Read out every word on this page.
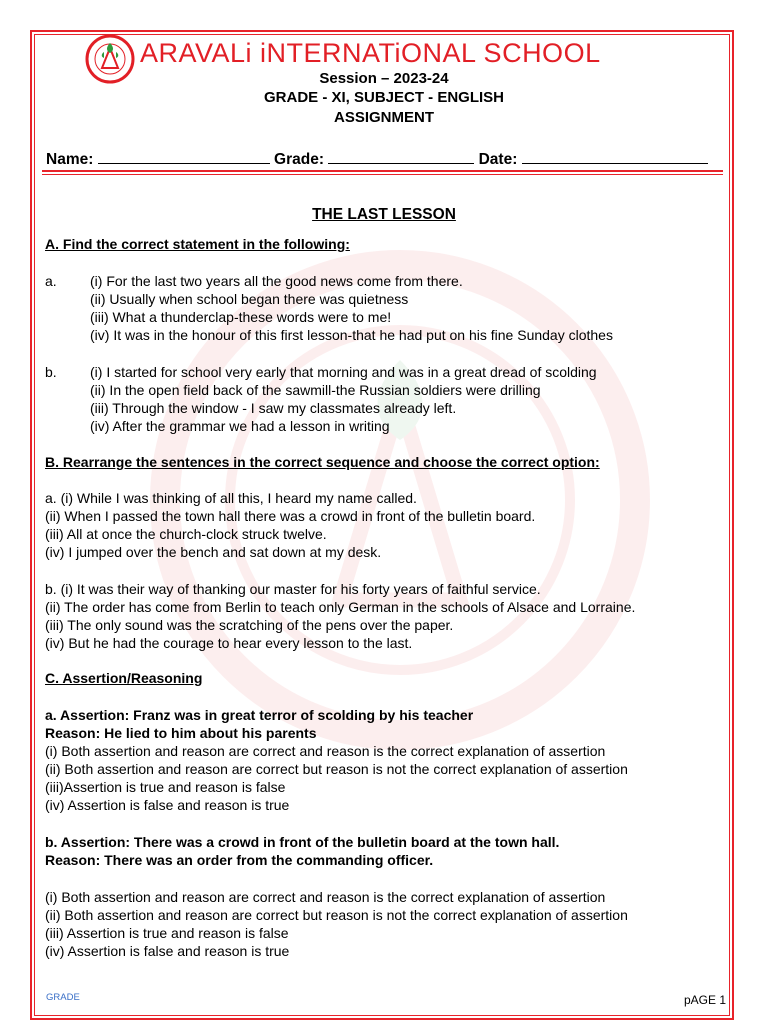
ARAVALi iNTERNATiONAL SCHOOL
Session – 2023-24
GRADE - XI, SUBJECT - ENGLISH
ASSIGNMENT
Name:	Grade:	Date:
THE LAST LESSON
A. Find the correct statement in the following:
a. (i) For the last two years all the good news come from there.
(ii) Usually when school began there was quietness
(iii) What a thunderclap-these words were to me!
(iv) It was in the honour of this first lesson-that he had put on his fine Sunday clothes
b. (i) I started for school very early that morning and was in a great dread of scolding
(ii) In the open field back of the sawmill-the Russian soldiers were drilling
(iii) Through the window - I saw my classmates already left.
(iv) After the grammar we had a lesson in writing
B. Rearrange the sentences in the correct sequence and choose the correct option:
a. (i) While I was thinking of all this, I heard my name called.
(ii) When I passed the town hall there was a crowd in front of the bulletin board.
(iii) All at once the church-clock struck twelve.
(iv) I jumped over the bench and sat down at my desk.
b. (i) It was their way of thanking our master for his forty years of faithful service.
(ii) The order has come from Berlin to teach only German in the schools of Alsace and Lorraine.
(iii) The only sound was the scratching of the pens over the paper.
(iv) But he had the courage to hear every lesson to the last.
C. Assertion/Reasoning
a. Assertion: Franz was in great terror of scolding by his teacher
Reason: He lied to him about his parents
(i) Both assertion and reason are correct and reason is the correct explanation of assertion
(ii) Both assertion and reason are correct but reason is not the correct explanation of assertion
(iii)Assertion is true and reason is false
(iv) Assertion is false and reason is true
b. Assertion: There was a crowd in front of the bulletin board at the town hall.
Reason: There was an order from the commanding officer.
(i) Both assertion and reason are correct and reason is the correct explanation of assertion
(ii) Both assertion and reason are correct but reason is not the correct explanation of assertion
(iii) Assertion is true and reason is false
(iv) Assertion is false and reason is true
GRADE	pAGE 1
